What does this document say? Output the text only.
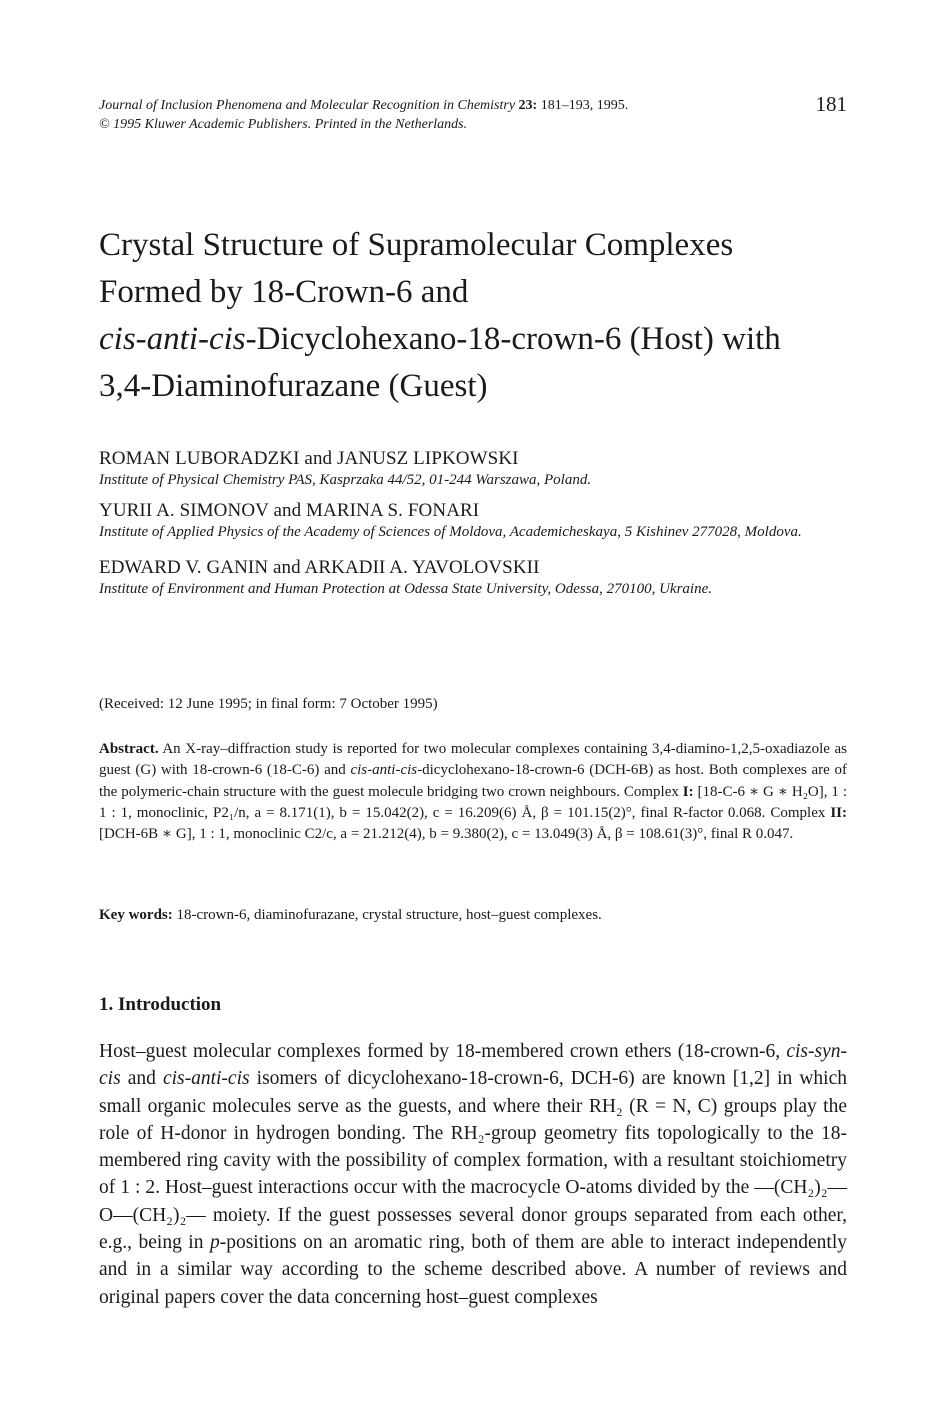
Journal of Inclusion Phenomena and Molecular Recognition in Chemistry 23: 181–193, 1995.
© 1995 Kluwer Academic Publishers. Printed in the Netherlands.
181
Crystal Structure of Supramolecular Complexes
Formed by 18-Crown-6 and
cis-anti-cis-Dicyclohexano-18-crown-6 (Host) with
3,4-Diaminofurazane (Guest)
ROMAN LUBORADZKI and JANUSZ LIPKOWSKI
Institute of Physical Chemistry PAS, Kasprzaka 44/52, 01-244 Warszawa, Poland.
YURII A. SIMONOV and MARINA S. FONARI
Institute of Applied Physics of the Academy of Sciences of Moldova, Academicheskaya, 5 Kishinev 277028, Moldova.
EDWARD V. GANIN and ARKADII A. YAVOLOVSKII
Institute of Environment and Human Protection at Odessa State University, Odessa, 270100, Ukraine.
(Received: 12 June 1995; in final form: 7 October 1995)
Abstract. An X-ray–diffraction study is reported for two molecular complexes containing 3,4-diamino-1,2,5-oxadiazole as guest (G) with 18-crown-6 (18-C-6) and cis-anti-cis-dicyclohexano-18-crown-6 (DCH-6B) as host. Both complexes are of the polymeric-chain structure with the guest molecule bridging two crown neighbours. Complex I: [18-C-6 ∗ G ∗ H₂O], 1 : 1 : 1, monoclinic, P2₁/n, a = 8.171(1), b = 15.042(2), c = 16.209(6) Å, β = 101.15(2)°, final R-factor 0.068. Complex II: [DCH-6B ∗ G], 1 : 1, monoclinic C2/c, a = 21.212(4), b = 9.380(2), c = 13.049(3) Å, β = 108.61(3)°, final R 0.047.
Key words: 18-crown-6, diaminofurazane, crystal structure, host–guest complexes.
1. Introduction

Host–guest molecular complexes formed by 18-membered crown ethers (18-crown-6, cis-syn-cis and cis-anti-cis isomers of dicyclohexano-18-crown-6, DCH-6) are known [1,2] in which small organic molecules serve as the guests, and where their RH₂ (R = N, C) groups play the role of H-donor in hydrogen bonding. The RH₂-group geometry fits topologically to the 18-membered ring cavity with the possibility of complex formation, with a resultant stoichiometry of 1 : 2. Host–guest interactions occur with the macrocycle O-atoms divided by the —(CH₂)₂—O—(CH₂)₂— moiety. If the guest possesses several donor groups separated from each other, e.g., being in p-positions on an aromatic ring, both of them are able to interact independently and in a similar way according to the scheme described above. A number of reviews and original papers cover the data concerning host–guest complexes
